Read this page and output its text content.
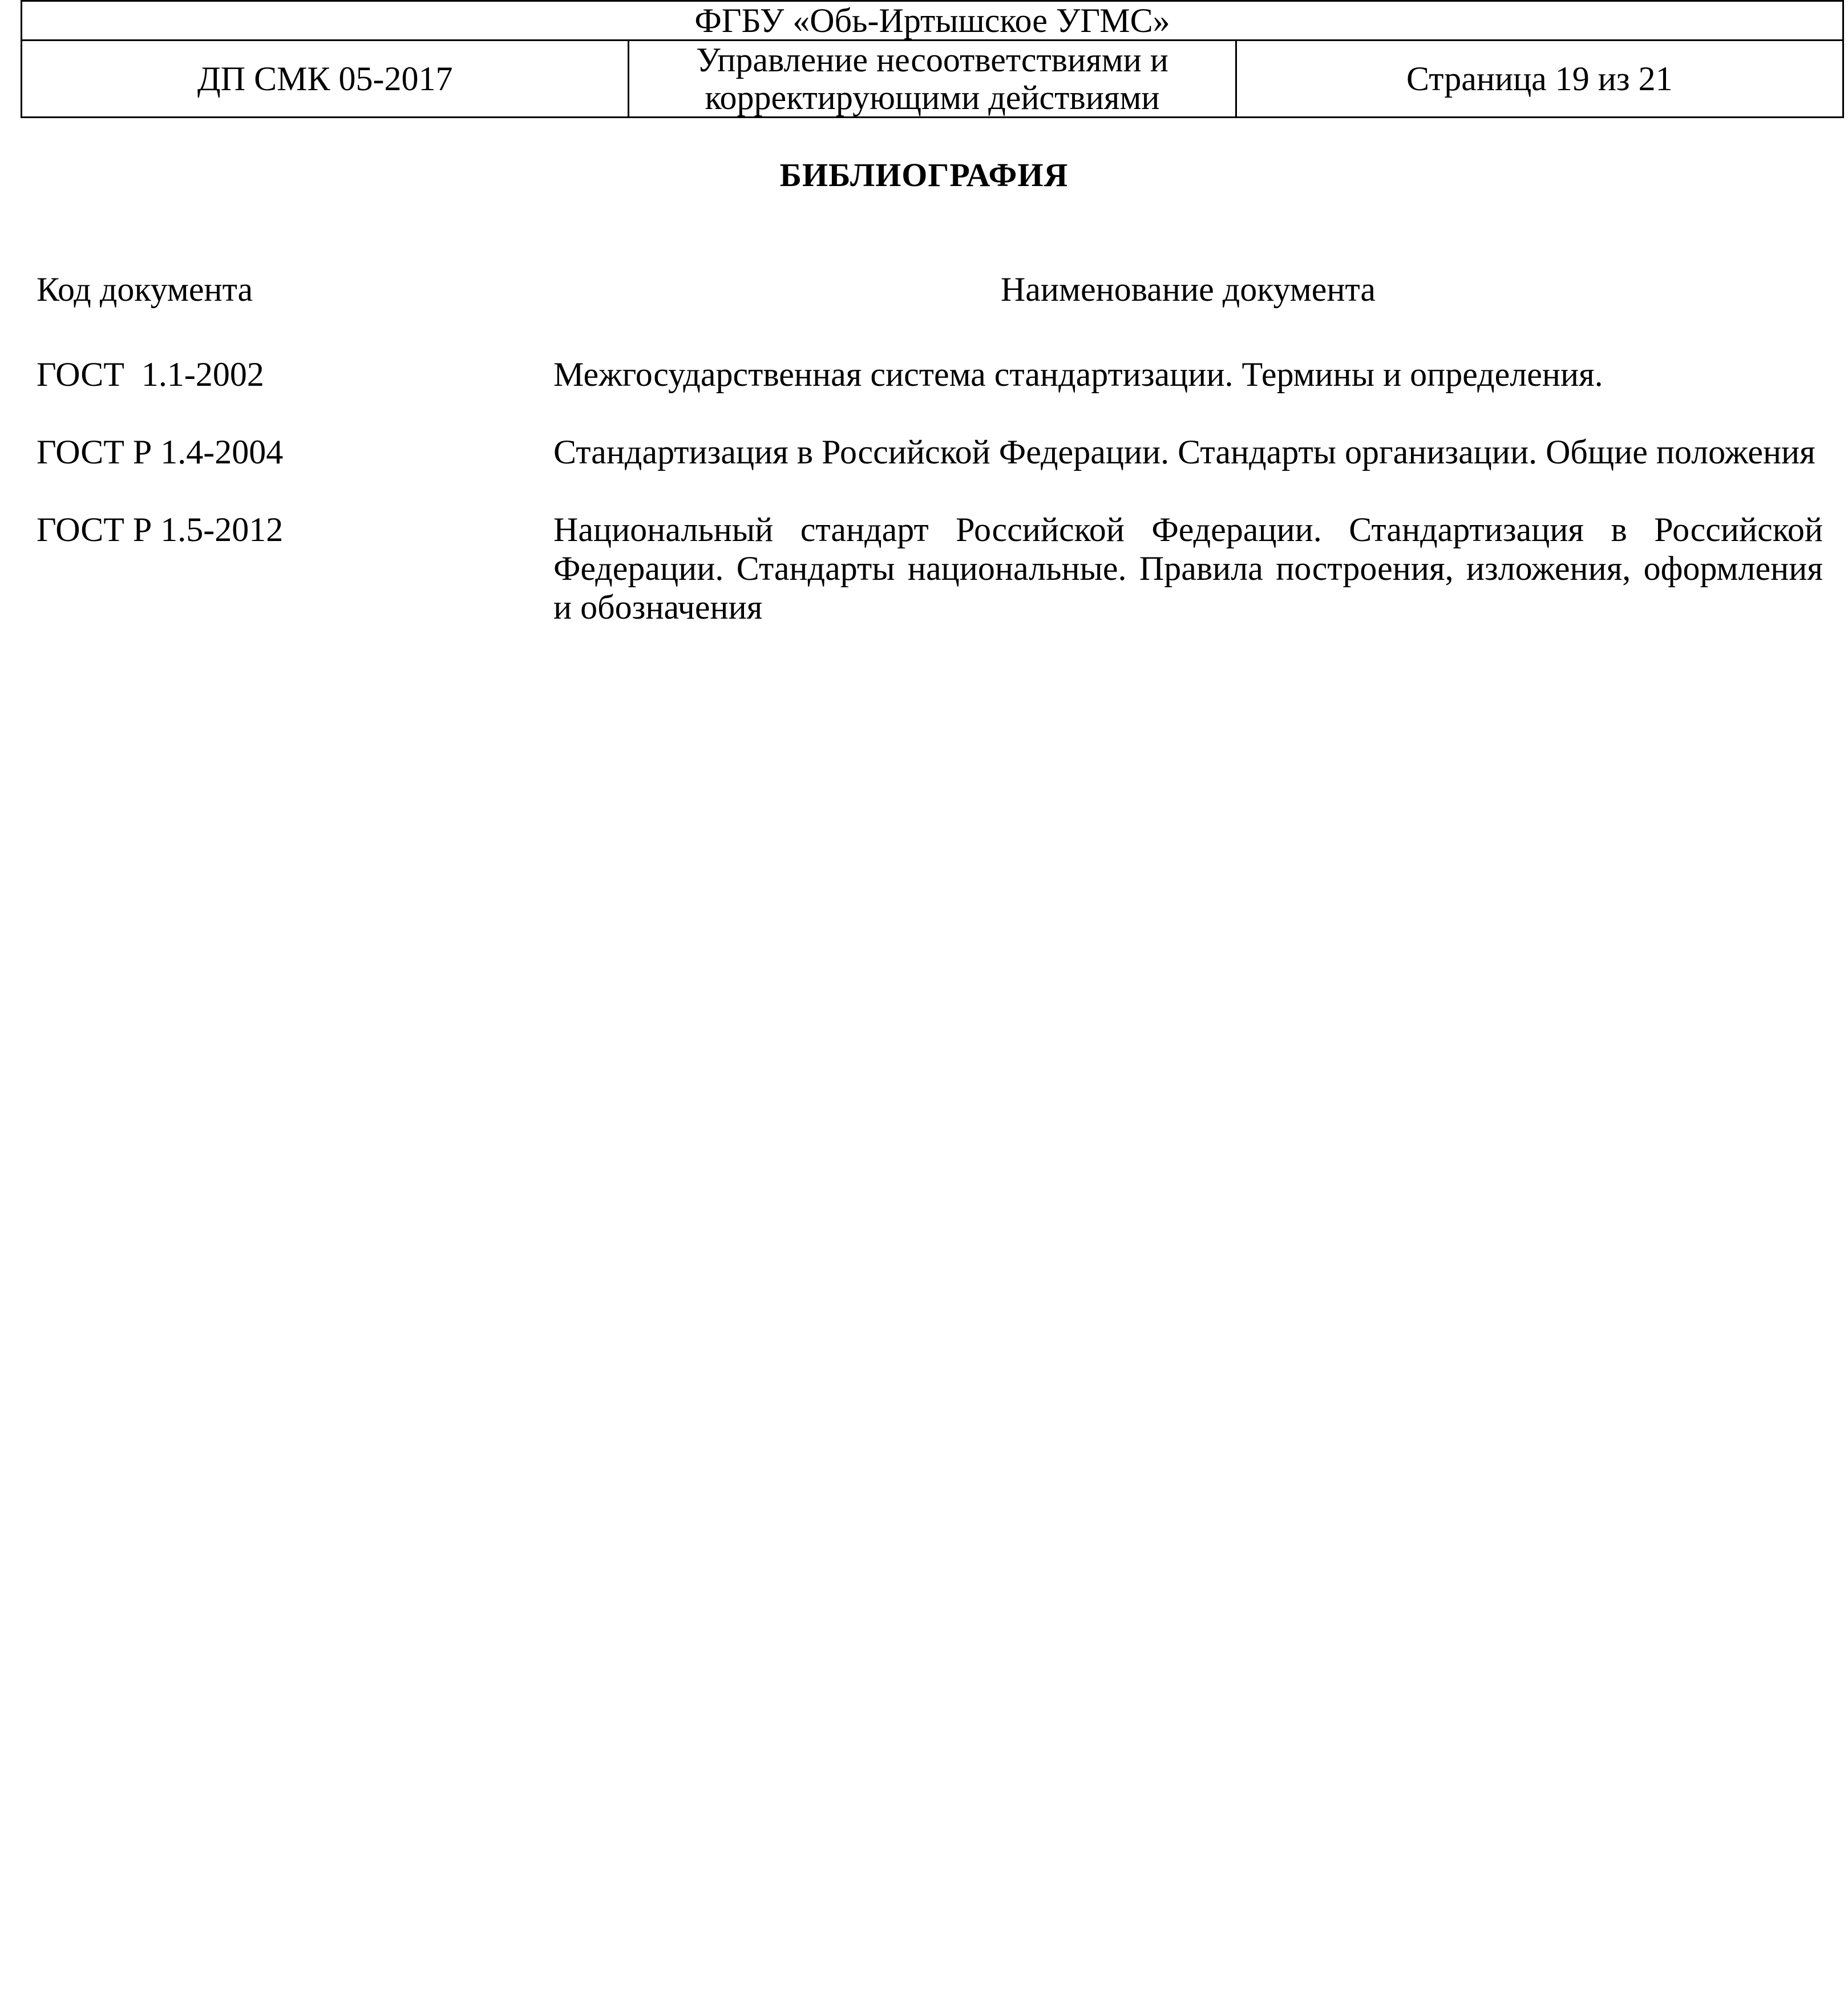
ФГБУ «Обь-Иртышское УГМС»
ДП СМК 05-2017	Управление несоответствиями и корректирующими действиями	Страница 19 из 21
БИБЛИОГРАФИЯ
Код документа	Наименование документа
ГОСТ  1.1-2002	Межгосударственная система стандартизации. Термины и определения.
ГОСТ Р 1.4-2004	Стандартизация в Российской Федерации. Стандарты организации. Общие положения
ГОСТ Р 1.5-2012	Национальный стандарт Российской Федерации. Стандартизация в Российской Федерации. Стандарты национальные. Правила построения, изложения, оформления и обозначения
